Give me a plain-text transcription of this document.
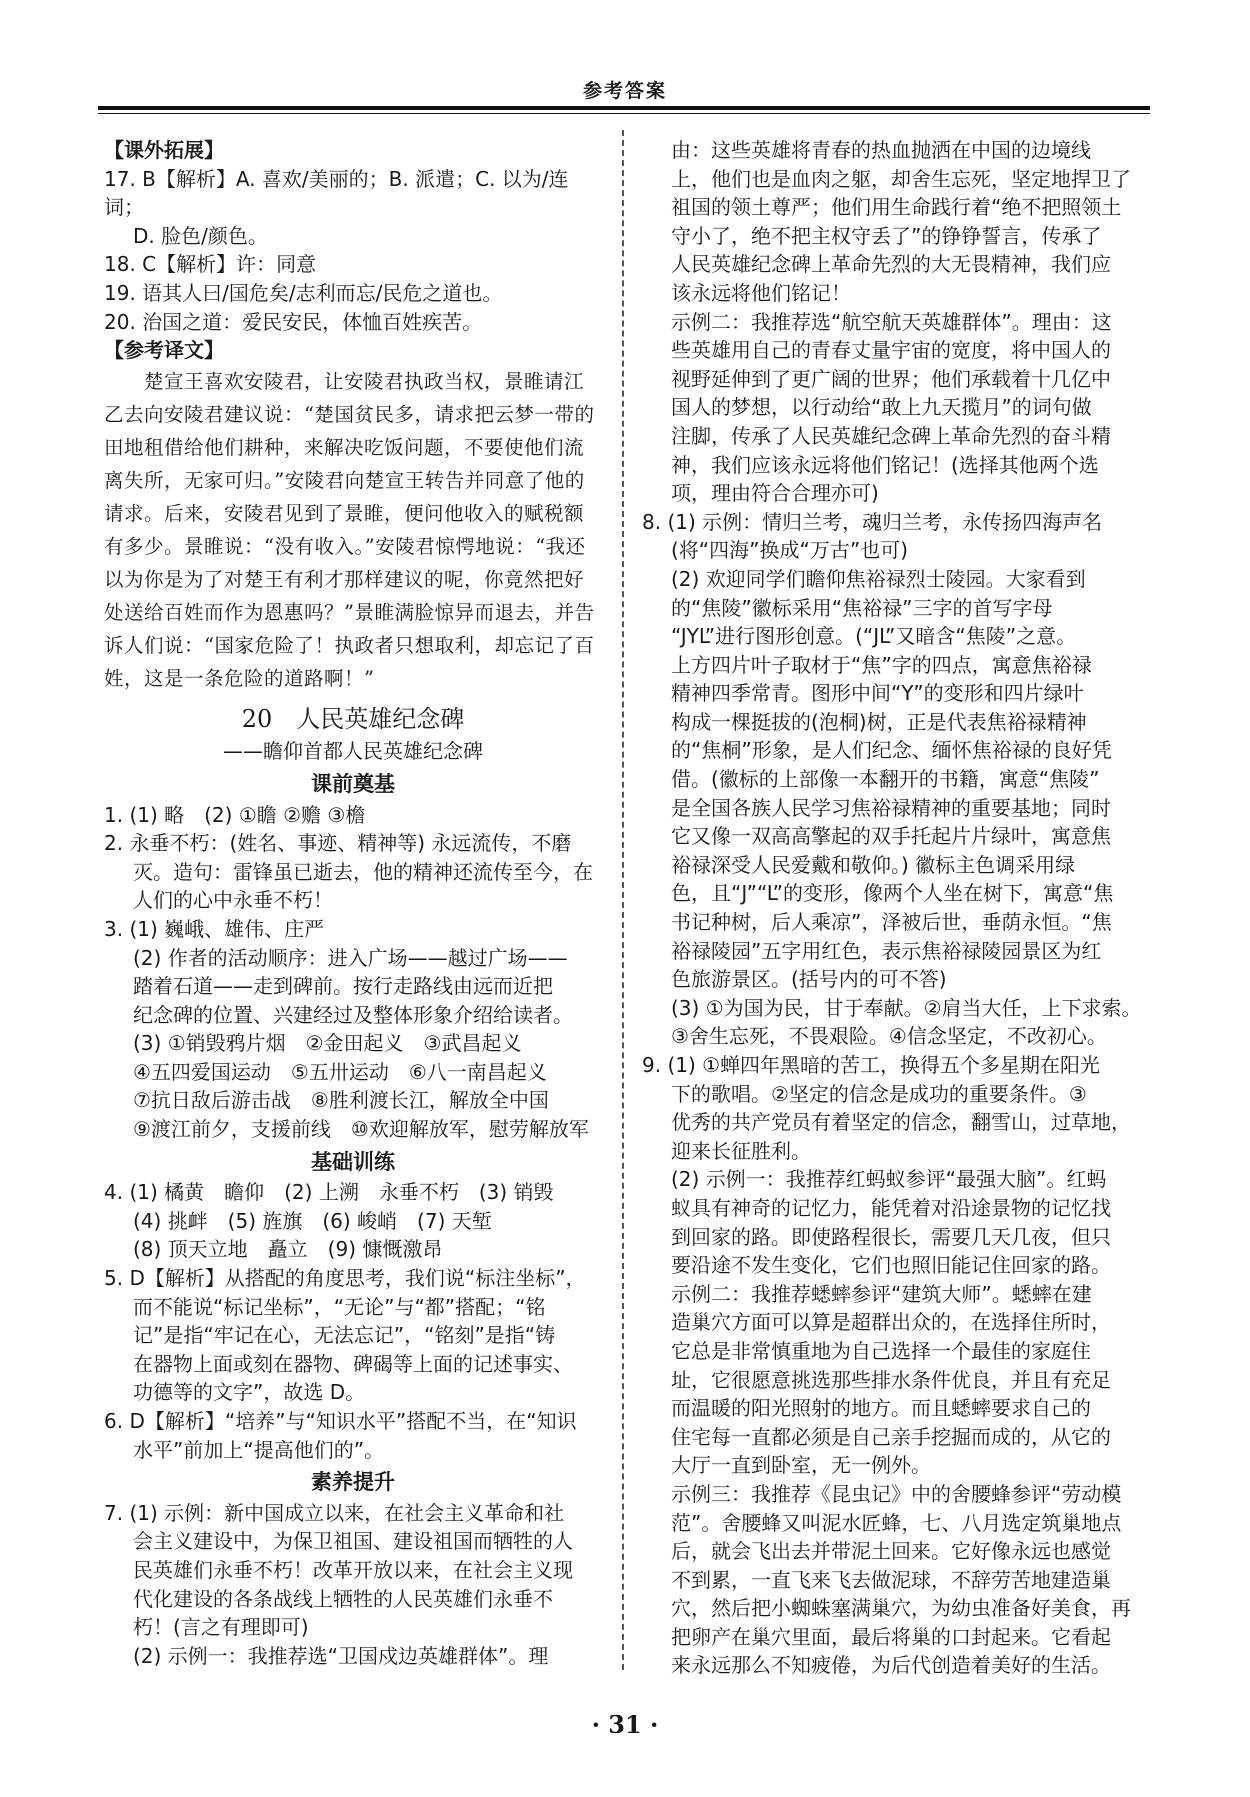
参考答案

【课外拓展】

17. B【解析】A. 喜欢/美丽的；B. 派遣；C. 以为/连词；

D. 脸色/颜色。

18. C【解析】许：同意

19. 语其人曰/国危矣/志利而忘/民危之道也。

20. 治国之道：爱民安民，体恤百姓疾苦。

【参考译文】

楚宣王喜欢安陵君，让安陵君执政当权，景睢请江乙去向安陵君建议说：“楚国贫民多，请求把云梦一带的田地租借给他们耕种，来解决吃饭问题，不要使他们流离失所，无家可归。”安陵君向楚宣王转告并同意了他的请求。后来，安陵君见到了景睢，便问他收入的赋税额有多少。景睢说：“没有收入。”安陵君惊愕地说：“我还以为你是为了对楚王有利才那样建议的呢，你竟然把好处送给百姓而作为恩惠吗？”景睢满脸惊异而退去，并告诉人们说：“国家危险了！执政者只想取利，却忘记了百姓，这是一条危险的道路啊！”

20　人民英雄纪念碑
——瞻仰首都人民英雄纪念碑
课前奠基

1. (1) 略　(2) ①瞻 ②赡 ③檐

2. 永垂不朽：(姓名、事迹、精神等) 永远流传，不磨

灭。造句：雷锋虽已逝去，他的精神还流传至今，在

人们的心中永垂不朽！

3. (1) 巍峨、雄伟、庄严

(2) 作者的活动顺序：进入广场——越过广场——

踏着石道——走到碑前。按行走路线由远而近把

纪念碑的位置、兴建经过及整体形象介绍给读者。

(3) ①销毁鸦片烟　②金田起义　③武昌起义

④五四爱国运动　⑤五卅运动　⑥八一南昌起义

⑦抗日敌后游击战　⑧胜利渡长江，解放全中国

⑨渡江前夕，支援前线　⑩欢迎解放军，慰劳解放军

基础训练

4. (1) 橘黄　瞻仰　(2) 上溯　永垂不朽　(3) 销毁

(4) 挑衅　(5) 旌旗　(6) 峻峭　(7) 天堑

(8) 顶天立地　矗立　(9) 慷慨激昂

5. D【解析】从搭配的角度思考，我们说“标注坐标”，

而不能说“标记坐标”，“无论”与“都”搭配；“铭

记”是指“牢记在心，无法忘记”，“铭刻”是指“铸

在器物上面或刻在器物、碑碣等上面的记述事实、

功德等的文字”，故选 D。

6. D【解析】“培养”与“知识水平”搭配不当，在“知识

水平”前加上“提高他们的”。

素养提升

7. (1) 示例：新中国成立以来，在社会主义革命和社

会主义建设中，为保卫祖国、建设祖国而牺牲的人

民英雄们永垂不朽！改革开放以来，在社会主义现

代化建设的各条战线上牺牲的人民英雄们永垂不

朽！(言之有理即可)

(2) 示例一：我推荐选“卫国戍边英雄群体”。理

由：这些英雄将青春的热血抛洒在中国的边境线

上，他们也是血肉之躯，却舍生忘死，坚定地捍卫了

祖国的领土尊严；他们用生命践行着“绝不把照领土

守小了，绝不把主权守丢了”的铮铮誓言，传承了

人民英雄纪念碑上革命先烈的大无畏精神，我们应

该永远将他们铭记！

示例二：我推荐选“航空航天英雄群体”。理由：这

些英雄用自己的青春丈量宇宙的宽度，将中国人的

视野延伸到了更广阔的世界；他们承载着十几亿中

国人的梦想，以行动给“敢上九天揽月”的词句做

注脚，传承了人民英雄纪念碑上革命先烈的奋斗精

神，我们应该永远将他们铭记！(选择其他两个选

项，理由符合合理亦可)

8. (1) 示例：情归兰考，魂归兰考，永传扬四海声名

(将“四海”换成“万古”也可)

(2) 欢迎同学们瞻仰焦裕禄烈士陵园。大家看到

的“焦陵”徽标采用“焦裕禄”三字的首写字母

“JYL”进行图形创意。(“JL”又暗含“焦陵”之意。

上方四片叶子取材于“焦”字的四点，寓意焦裕禄

精神四季常青。图形中间“Y”的变形和四片绿叶

构成一棵挺拔的(泡桐)树，正是代表焦裕禄精神

的“焦桐”形象，是人们纪念、缅怀焦裕禄的良好凭

借。(徽标的上部像一本翻开的书籍，寓意“焦陵”

是全国各族人民学习焦裕禄精神的重要基地；同时

它又像一双高高擎起的双手托起片片绿叶，寓意焦

裕禄深受人民爱戴和敬仰。) 徽标主色调采用绿

色，且“J”“L”的变形，像两个人坐在树下，寓意“焦

书记种树，后人乘凉”，泽被后世，垂荫永恒。“焦

裕禄陵园”五字用红色，表示焦裕禄陵园景区为红

色旅游景区。(括号内的可不答)

(3) ①为国为民，甘于奉献。②肩当大任，上下求索。

③舍生忘死，不畏艰险。④信念坚定，不改初心。

9. (1) ①蝉四年黑暗的苦工，换得五个多星期在阳光

下的歌唱。②坚定的信念是成功的重要条件。③

优秀的共产党员有着坚定的信念，翻雪山，过草地，

迎来长征胜利。

(2) 示例一：我推荐红蚂蚁参评“最强大脑”。红蚂

蚁具有神奇的记忆力，能凭着对沿途景物的记忆找

到回家的路。即使路程很长，需要几天几夜，但只

要沿途不发生变化，它们也照旧能记住回家的路。

示例二：我推荐蟋蟀参评“建筑大师”。蟋蟀在建

造巢穴方面可以算是超群出众的，在选择住所时，

它总是非常慎重地为自己选择一个最佳的家庭住

址，它很愿意挑选那些排水条件优良，并且有充足

而温暖的阳光照射的地方。而且蟋蟀要求自己的

住宅每一直都必须是自己亲手挖掘而成的，从它的

大厅一直到卧室，无一例外。

示例三：我推荐《昆虫记》中的舍腰蜂参评“劳动模

范”。舍腰蜂又叫泥水匠蜂，七、八月选定筑巢地点

后，就会飞出去并带泥土回来。它好像永远也感觉

不到累，一直飞来飞去做泥球，不辞劳苦地建造巢

穴，然后把小蜘蛛塞满巢穴，为幼虫准备好美食，再

把卵产在巢穴里面，最后将巢的口封起来。它看起

来永远那么不知疲倦，为后代创造着美好的生活。

· 31 ·
